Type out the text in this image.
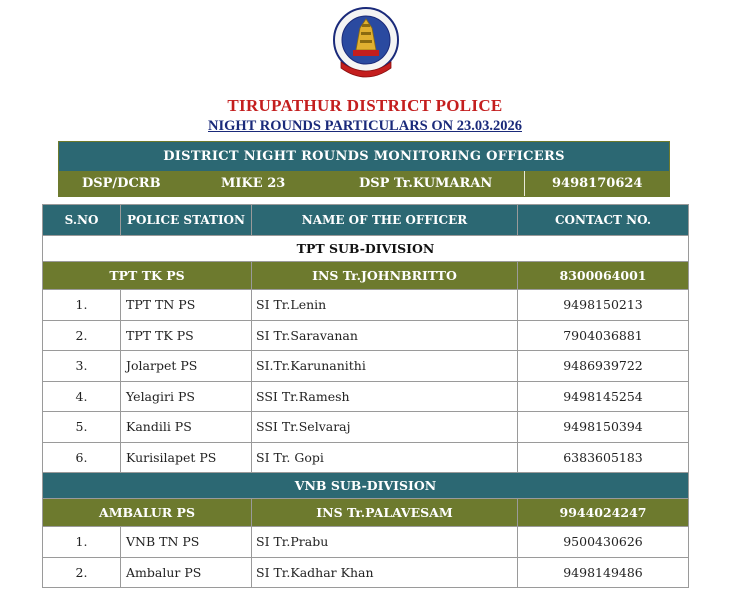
TIRUPATHUR DISTRICT POLICE
NIGHT ROUNDS PARTICULARS ON 23.03.2026
DISTRICT NIGHT ROUNDS MONITORING OFFICERS
DSP/DCRB	MIKE 23	DSP Tr.KUMARAN	9498170624
S.NO	POLICE STATION	NAME OF THE OFFICER	CONTACT NO.
TPT SUB-DIVISION			
TPT TK PS		INS Tr.JOHNBRITTO	8300064001
1.	TPT TN PS	SI Tr.Lenin	9498150213
2.	TPT TK PS	SI Tr.Saravanan	7904036881
3.	Jolarpet PS	SI.Tr.Karunanithi	9486939722
4.	Yelagiri PS	SSI Tr.Ramesh	9498145254
5.	Kandili PS	SSI Tr.Selvaraj	9498150394
6.	Kurisilapet PS	SI Tr. Gopi	6383605183
VNB SUB-DIVISION			
AMBALUR PS		INS Tr.PALAVESAM	9944024247
1.	VNB TN PS	SI Tr.Prabu	9500430626
2.	Ambalur PS	SI Tr.Kadhar Khan	9498149486
